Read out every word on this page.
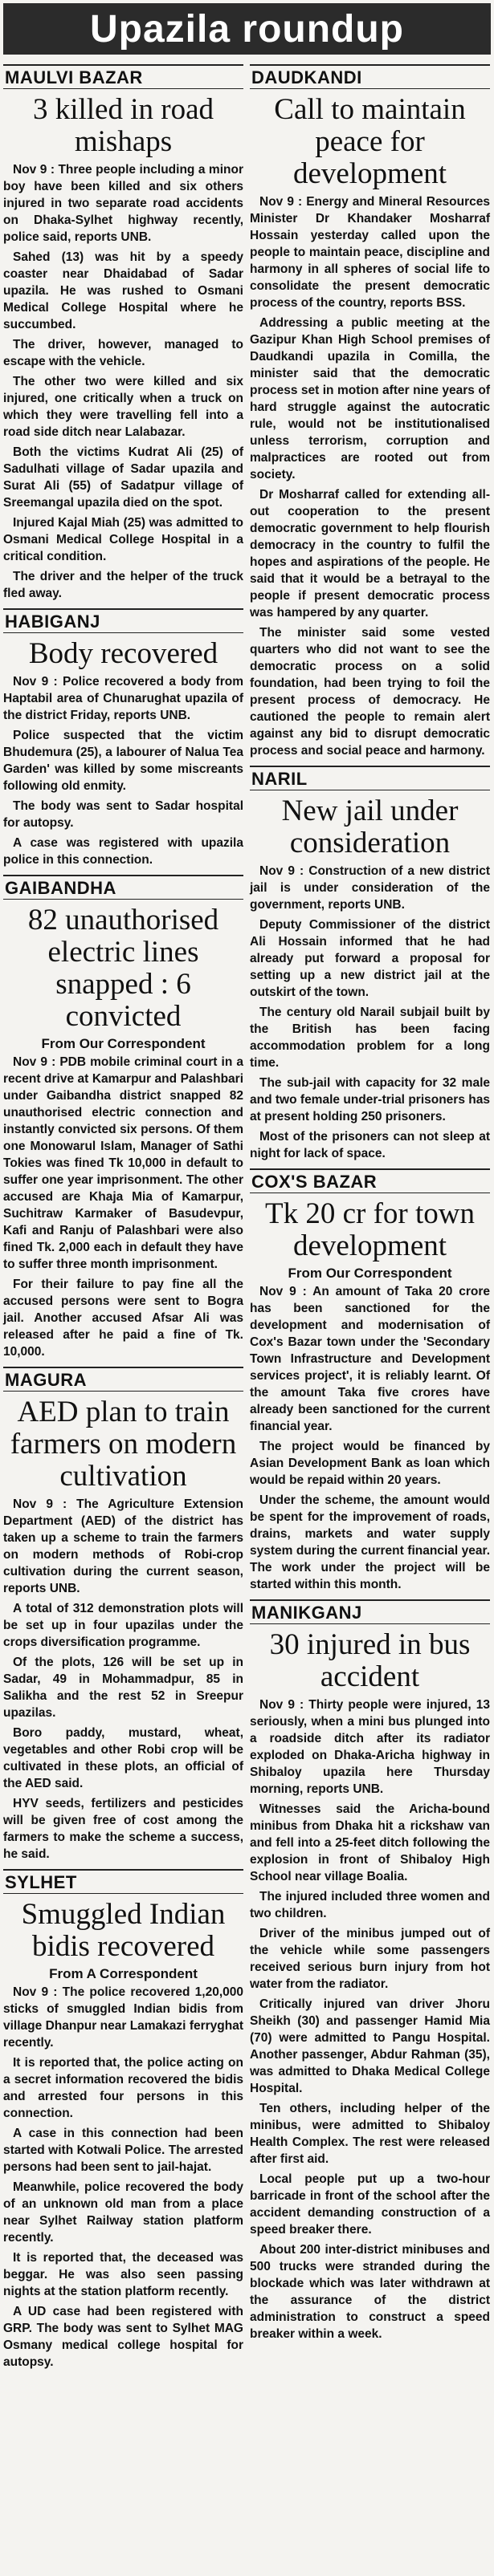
Upazila roundup
MAULVI BAZAR
3 killed in road mishaps

Nov 9 : Three people including a minor boy have been killed and six others injured in two separate road accidents on Dhaka-Sylhet highway recently, police said, reports UNB.

Sahed (13) was hit by a speedy coaster near Dhaidabad of Sadar upazila. He was rushed to Osmani Medical College Hospital where he succumbed.

The driver, however, managed to escape with the vehicle.

The other two were killed and six injured, one critically when a truck on which they were travelling fell into a road side ditch near Lalabazar.

Both the victims Kudrat Ali (25) of Sadulhati village of Sadar upazila and Surat Ali (55) of Sadatpur village of Sreemangal upazila died on the spot.

Injured Kajal Miah (25) was admitted to Osmani Medical College Hospital in a critical condition.

The driver and the helper of the truck fled away.

HABIGANJ
Body recovered

Nov 9 : Police recovered a body from Haptabil area of Chunarughat upazila of the district Friday, reports UNB.

Police suspected that the victim Bhudemura (25), a labourer of Nalua Tea Garden' was killed by some miscreants following old enmity.

The body was sent to Sadar hospital for autopsy.

A case was registered with upazila police in this connection.

GAIBANDHA
82 unauthorised electric lines snapped : 6 convicted
From Our Correspondent

Nov 9 : PDB mobile criminal court in a recent drive at Kamarpur and Palashbari under Gaibandha district snapped 82 unauthorised electric connection and instantly convicted six persons. Of them one Monowarul Islam, Manager of Sathi Tokies was fined Tk 10,000 in default to suffer one year imprisonment. The other accused are Khaja Mia of Kamarpur, Suchitraw Karmaker of Basudevpur, Kafi and Ranju of Palashbari were also fined Tk. 2,000 each in default they have to suffer three month imprisonment.

For their failure to pay fine all the accused persons were sent to Bogra jail. Another accused Afsar Ali was released after he paid a fine of Tk. 10,000.

MAGURA
AED plan to train farmers on modern cultivation

Nov 9 : The Agriculture Extension Department (AED) of the district has taken up a scheme to train the farmers on modern methods of Robi-crop cultivation during the current season, reports UNB.

A total of 312 demonstration plots will be set up in four upazilas under the crops diversification programme.

Of the plots, 126 will be set up in Sadar, 49 in Mohammadpur, 85 in Salikha and the rest 52 in Sreepur upazilas.

Boro paddy, mustard, wheat, vegetables and other Robi crop will be cultivated in these plots, an official of the AED said.

HYV seeds, fertilizers and pesticides will be given free of cost among the farmers to make the scheme a success, he said.

SYLHET
Smuggled Indian bidis recovered
From A Correspondent

Nov 9 : The police recovered 1,20,000 sticks of smuggled Indian bidis from village Dhanpur near Lamakazi ferryghat recently.

It is reported that, the police acting on a secret information recovered the bidis and arrested four persons in this connection.

A case in this connection had been started with Kotwali Police. The arrested persons had been sent to jail-hajat.

Meanwhile, police recovered the body of an unknown old man from a place near Sylhet Railway station platform recently.

It is reported that, the deceased was beggar. He was also seen passing nights at the station platform recently.

A UD case had been registered with GRP. The body was sent to Sylhet MAG Osmany medical college hospital for autopsy.

DAUDKANDI
Call to maintain peace for development

Nov 9 : Energy and Mineral Resources Minister Dr Khandaker Mosharraf Hossain yesterday called upon the people to maintain peace, discipline and harmony in all spheres of social life to consolidate the present democratic process of the country, reports BSS.

Addressing a public meeting at the Gazipur Khan High School premises of Daudkandi upazila in Comilla, the minister said that the democratic process set in motion after nine years of hard struggle against the autocratic rule, would not be institutionalised unless terrorism, corruption and malpractices are rooted out from society.

Dr Mosharraf called for extending all-out cooperation to the present democratic government to help flourish democracy in the country to fulfil the hopes and aspirations of the people. He said that it would be a betrayal to the people if present democratic process was hampered by any quarter.

The minister said some vested quarters who did not want to see the democratic process on a solid foundation, had been trying to foil the present process of democracy. He cautioned the people to remain alert against any bid to disrupt democratic process and social peace and harmony.

NARIL
New jail under consideration

Nov 9 : Construction of a new district jail is under consideration of the government, reports UNB.

Deputy Commissioner of the district Ali Hossain informed that he had already put forward a proposal for setting up a new district jail at the outskirt of the town.

The century old Narail subjail built by the British has been facing accommodation problem for a long time.

The sub-jail with capacity for 32 male and two female under-trial prisoners has at present holding 250 prisoners.

Most of the prisoners can not sleep at night for lack of space.

COX'S BAZAR
Tk 20 cr for town development
From Our Correspondent

Nov 9 : An amount of Taka 20 crore has been sanctioned for the development and modernisation of Cox's Bazar town under the 'Secondary Town Infrastructure and Development services project', it is reliably learnt. Of the amount Taka five crores have already been sanctioned for the current financial year.

The project would be financed by Asian Development Bank as loan which would be repaid within 20 years.

Under the scheme, the amount would be spent for the improvement of roads, drains, markets and water supply system during the current financial year. The work under the project will be started within this month.

MANIKGANJ
30 injured in bus accident

Nov 9 : Thirty people were injured, 13 seriously, when a mini bus plunged into a roadside ditch after its radiator exploded on Dhaka-Aricha highway in Shibaloy upazila here Thursday morning, reports UNB.

Witnesses said the Aricha-bound minibus from Dhaka hit a rickshaw van and fell into a 25-feet ditch following the explosion in front of Shibaloy High School near village Boalia.

The injured included three women and two children.

Driver of the minibus jumped out of the vehicle while some passengers received serious burn injury from hot water from the radiator.

Critically injured van driver Jhoru Sheikh (30) and passenger Hamid Mia (70) were admitted to Pangu Hospital. Another passenger, Abdur Rahman (35), was admitted to Dhaka Medical College Hospital.

Ten others, including helper of the minibus, were admitted to Shibaloy Health Complex. The rest were released after first aid.

Local people put up a two-hour barricade in front of the school after the accident demanding construction of a speed breaker there.

About 200 inter-district minibuses and 500 trucks were stranded during the blockade which was later withdrawn at the assurance of the district administration to construct a speed breaker within a week.
